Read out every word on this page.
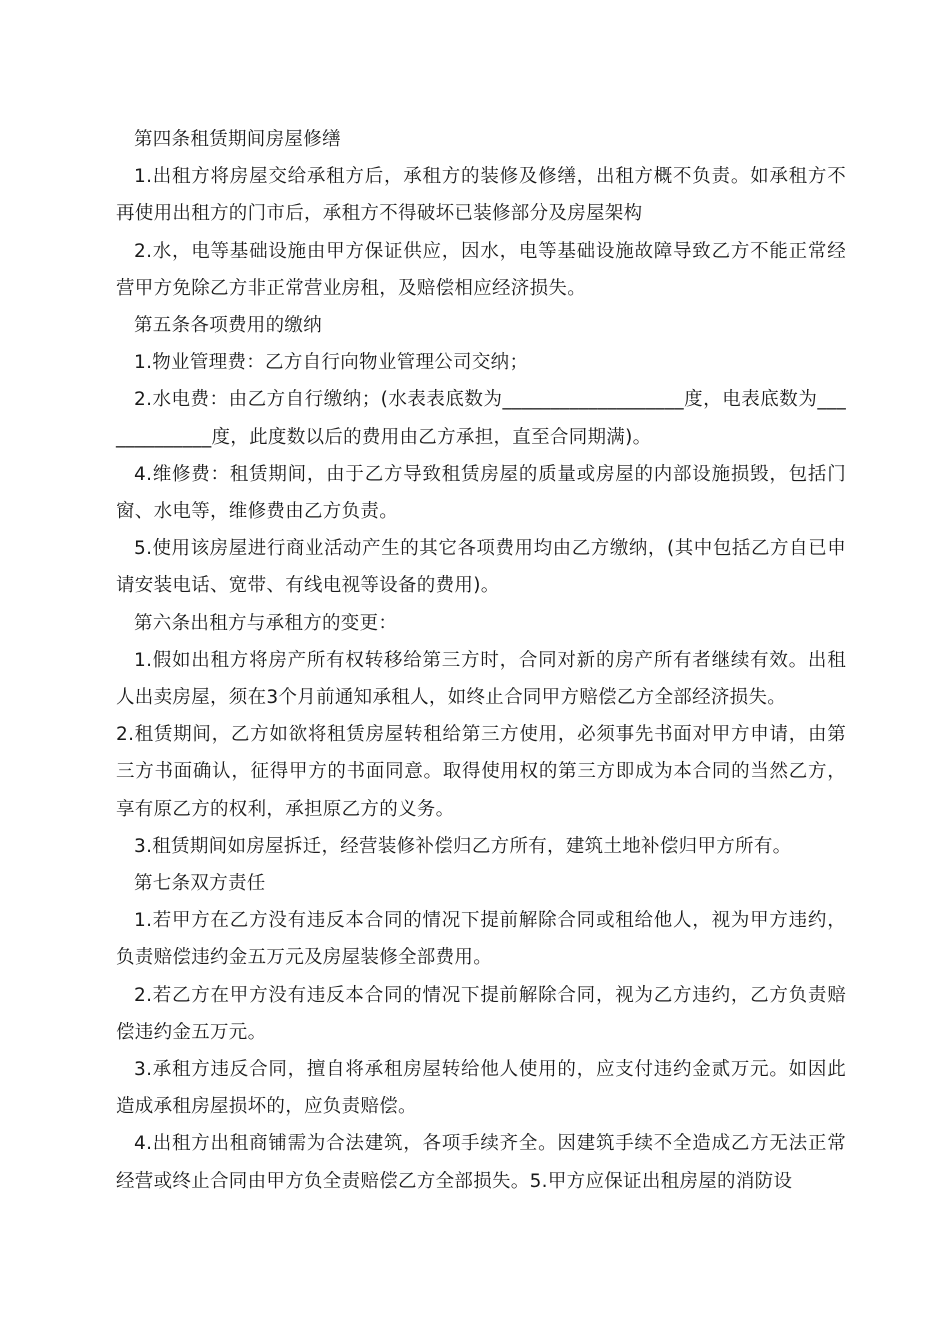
第四条租赁期间房屋修缮

1.出租方将房屋交给承租方后，承租方的装修及修缮，出租方概不负责。如承租方不再使用出租方的门市后，承租方不得破坏已装修部分及房屋架构

2.水，电等基础设施由甲方保证供应，因水，电等基础设施故障导致乙方不能正常经营甲方免除乙方非正常营业房租，及赔偿相应经济损失。

第五条各项费用的缴纳

1.物业管理费：乙方自行向物业管理公司交纳；

2.水电费：由乙方自行缴纳；(水表表底数为___________________度，电表底数为_____________度，此度数以后的费用由乙方承担，直至合同期满)。

4.维修费：租赁期间，由于乙方导致租赁房屋的质量或房屋的内部设施损毁，包括门窗、水电等，维修费由乙方负责。

5.使用该房屋进行商业活动产生的其它各项费用均由乙方缴纳，(其中包括乙方自已申请安装电话、宽带、有线电视等设备的费用)。

第六条出租方与承租方的变更：

1.假如出租方将房产所有权转移给第三方时，合同对新的房产所有者继续有效。出租人出卖房屋，须在3个月前通知承租人，如终止合同甲方赔偿乙方全部经济损失。

2.租赁期间，乙方如欲将租赁房屋转租给第三方使用，必须事先书面对甲方申请，由第三方书面确认，征得甲方的书面同意。取得使用权的第三方即成为本合同的当然乙方，享有原乙方的权利，承担原乙方的义务。

3.租赁期间如房屋拆迁，经营装修补偿归乙方所有，建筑土地补偿归甲方所有。

第七条双方责任

1.若甲方在乙方没有违反本合同的情况下提前解除合同或租给他人，视为甲方违约，负责赔偿违约金五万元及房屋装修全部费用。

2.若乙方在甲方没有违反本合同的情况下提前解除合同，视为乙方违约，乙方负责赔偿违约金五万元。

3.承租方违反合同，擅自将承租房屋转给他人使用的，应支付违约金贰万元。如因此造成承租房屋损坏的，应负责赔偿。

4.出租方出租商铺需为合法建筑，各项手续齐全。因建筑手续不全造成乙方无法正常经营或终止合同由甲方负全责赔偿乙方全部损失。5.甲方应保证出租房屋的消防设
